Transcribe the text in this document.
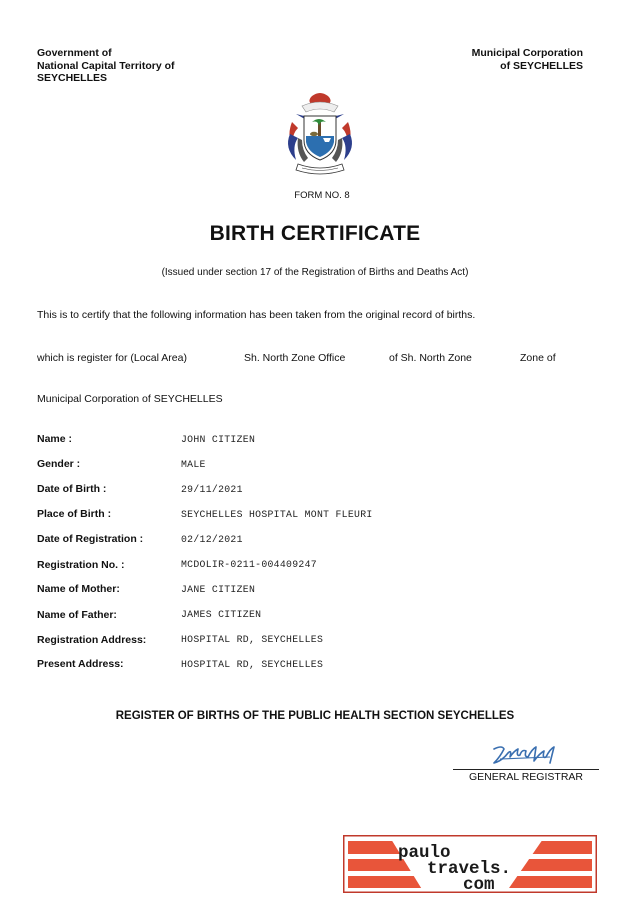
Government of
National Capital Territory of
SEYCHELLES
Municipal Corporation
of SEYCHELLES
FORM NO. 8
BIRTH CERTIFICATE
(Issued under section 17 of the Registration of Births and Deaths Act)
This is to certify that the following information has been taken from the original record of births.
which is register for (Local Area)	Sh. North Zone Office	of Sh. North Zone	Zone of
Municipal Corporation of SEYCHELLES
Name :	JOHN CITIZEN
Gender :	MALE
Date of Birth :	29/11/2021
Place of Birth :	SEYCHELLES HOSPITAL MONT FLEURI
Date of Registration :	02/12/2021
Registration No. :	MCDOLIR-0211-004409247
Name of Mother:	JANE CITIZEN
Name of Father:	JAMES CITIZEN
Registration Address:	HOSPITAL RD, SEYCHELLES
Present Address:	HOSPITAL RD, SEYCHELLES
REGISTER OF BIRTHS OF THE PUBLIC HEALTH SECTION SEYCHELLES
GENERAL REGISTRAR
paulo
travels.
com
